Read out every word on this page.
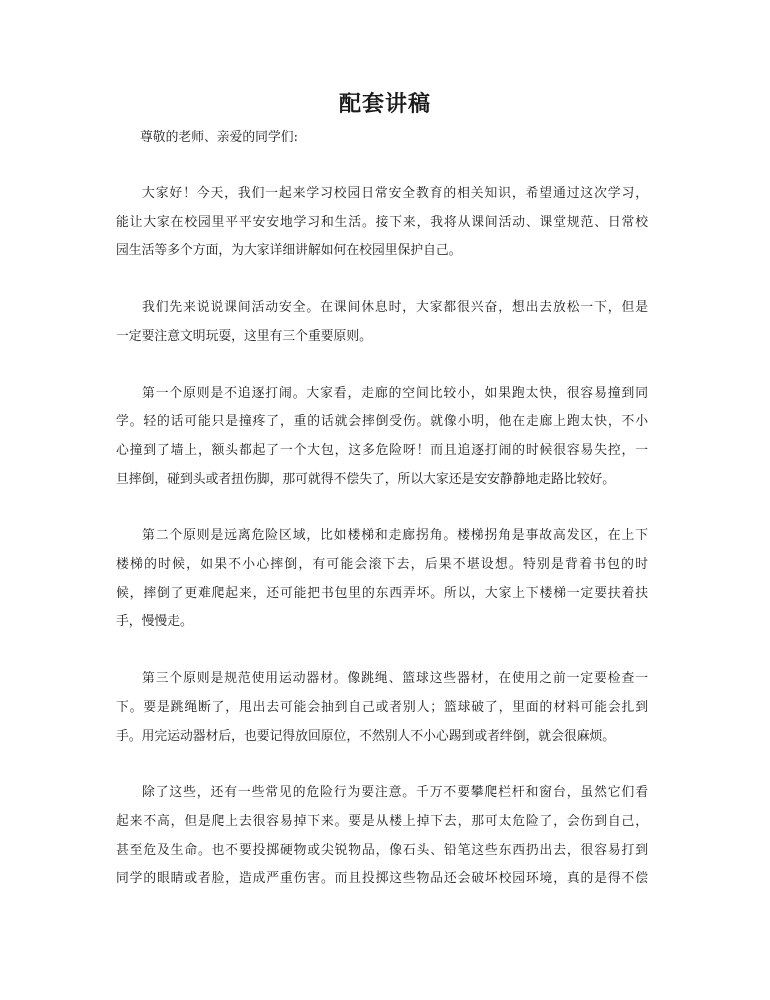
配套讲稿

尊敬的老师、亲爱的同学们:

大家好！今天，我们一起来学习校园日常安全教育的相关知识，希望通过这次学习，
能让大家在校园里平平安安地学习和生活。接下来，我将从课间活动、课堂规范、日常校
园生活等多个方面，为大家详细讲解如何在校园里保护自己。

我们先来说说课间活动安全。在课间休息时，大家都很兴奋，想出去放松一下，但是
一定要注意文明玩耍，这里有三个重要原则。

第一个原则是不追逐打闹。大家看，走廊的空间比较小，如果跑太快，很容易撞到同
学。轻的话可能只是撞疼了，重的话就会摔倒受伤。就像小明，他在走廊上跑太快，不小
心撞到了墙上，额头都起了一个大包，这多危险呀！而且追逐打闹的时候很容易失控，一
旦摔倒，碰到头或者扭伤脚，那可就得不偿失了，所以大家还是安安静静地走路比较好。

第二个原则是远离危险区域，比如楼梯和走廊拐角。楼梯拐角是事故高发区，在上下
楼梯的时候，如果不小心摔倒，有可能会滚下去，后果不堪设想。特别是背着书包的时
候，摔倒了更难爬起来，还可能把书包里的东西弄坏。所以，大家上下楼梯一定要扶着扶
手，慢慢走。

第三个原则是规范使用运动器材。像跳绳、篮球这些器材，在使用之前一定要检查一
下。要是跳绳断了，甩出去可能会抽到自己或者别人；篮球破了，里面的材料可能会扎到
手。用完运动器材后，也要记得放回原位，不然别人不小心踢到或者绊倒，就会很麻烦。

除了这些，还有一些常见的危险行为要注意。千万不要攀爬栏杆和窗台，虽然它们看
起来不高，但是爬上去很容易掉下来。要是从楼上掉下去，那可太危险了，会伤到自己，
甚至危及生命。也不要投掷硬物或尖锐物品，像石头、铅笔这些东西扔出去，很容易打到
同学的眼睛或者脸，造成严重伤害。而且投掷这些物品还会破坏校园环境，真的是得不偿
